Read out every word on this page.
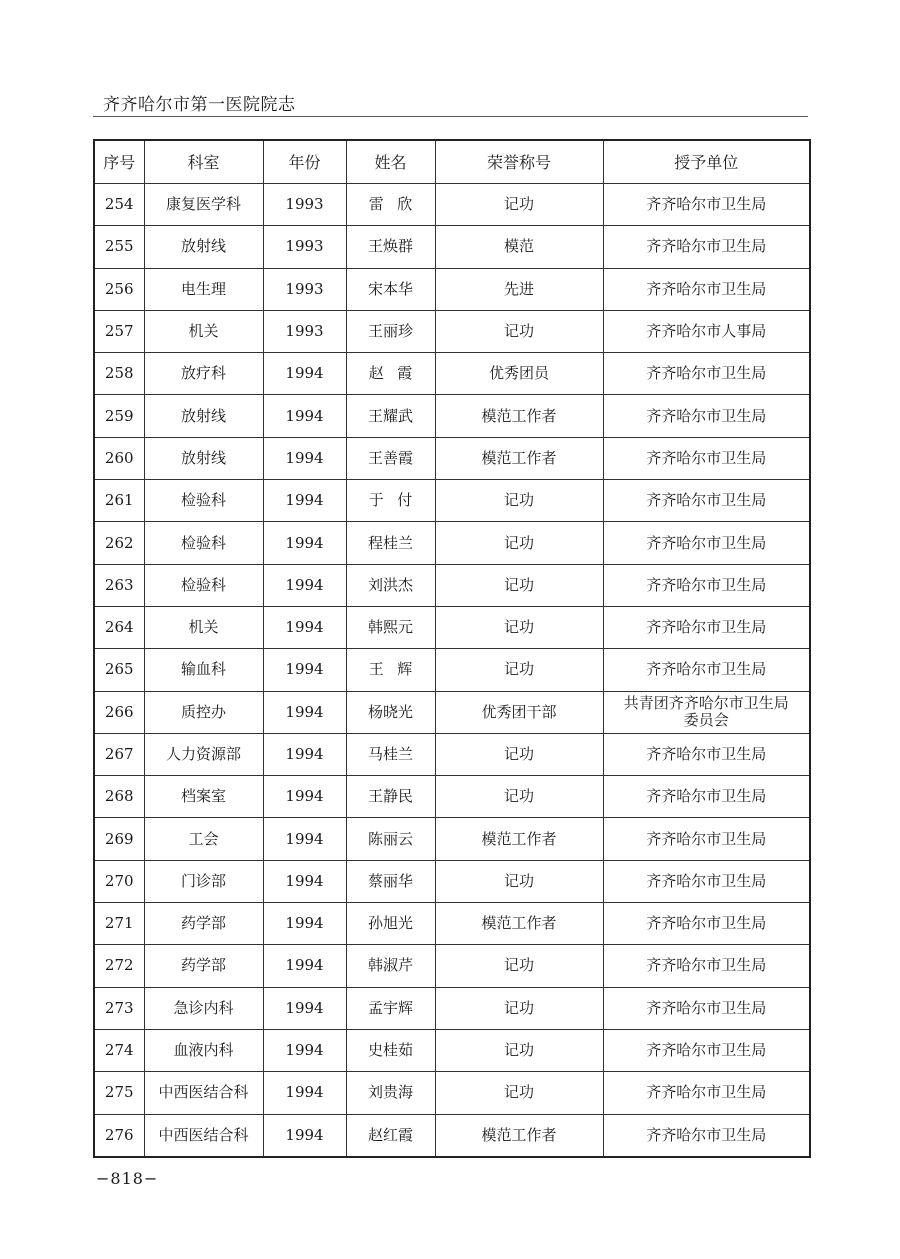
齐齐哈尔市第一医院院志
序号	科室	年份	姓名	荣誉称号	授予单位
254	康复医学科	1993	雷欣	记功	齐齐哈尔市卫生局
255	放射线	1993	王焕群	模范	齐齐哈尔市卫生局
256	电生理	1993	宋本华	先进	齐齐哈尔市卫生局
257	机关	1993	王丽珍	记功	齐齐哈尔市人事局
258	放疗科	1994	赵霞	优秀团员	齐齐哈尔市卫生局
259	放射线	1994	王耀武	模范工作者	齐齐哈尔市卫生局
260	放射线	1994	王善霞	模范工作者	齐齐哈尔市卫生局
261	检验科	1994	于付	记功	齐齐哈尔市卫生局
262	检验科	1994	程桂兰	记功	齐齐哈尔市卫生局
263	检验科	1994	刘洪杰	记功	齐齐哈尔市卫生局
264	机关	1994	韩熙元	记功	齐齐哈尔市卫生局
265	输血科	1994	王辉	记功	齐齐哈尔市卫生局
266	质控办	1994	杨晓光	优秀团干部	共青团齐齐哈尔市卫生局
委员会

267	人力资源部	1994	马桂兰	记功	齐齐哈尔市卫生局
268	档案室	1994	王静民	记功	齐齐哈尔市卫生局
269	工会	1994	陈丽云	模范工作者	齐齐哈尔市卫生局
270	门诊部	1994	蔡丽华	记功	齐齐哈尔市卫生局
271	药学部	1994	孙旭光	模范工作者	齐齐哈尔市卫生局
272	药学部	1994	韩淑芹	记功	齐齐哈尔市卫生局
273	急诊内科	1994	孟宇辉	记功	齐齐哈尔市卫生局
274	血液内科	1994	史桂茹	记功	齐齐哈尔市卫生局
275	中西医结合科	1994	刘贵海	记功	齐齐哈尔市卫生局
276	中西医结合科	1994	赵红霞	模范工作者	齐齐哈尔市卫生局
−818−
